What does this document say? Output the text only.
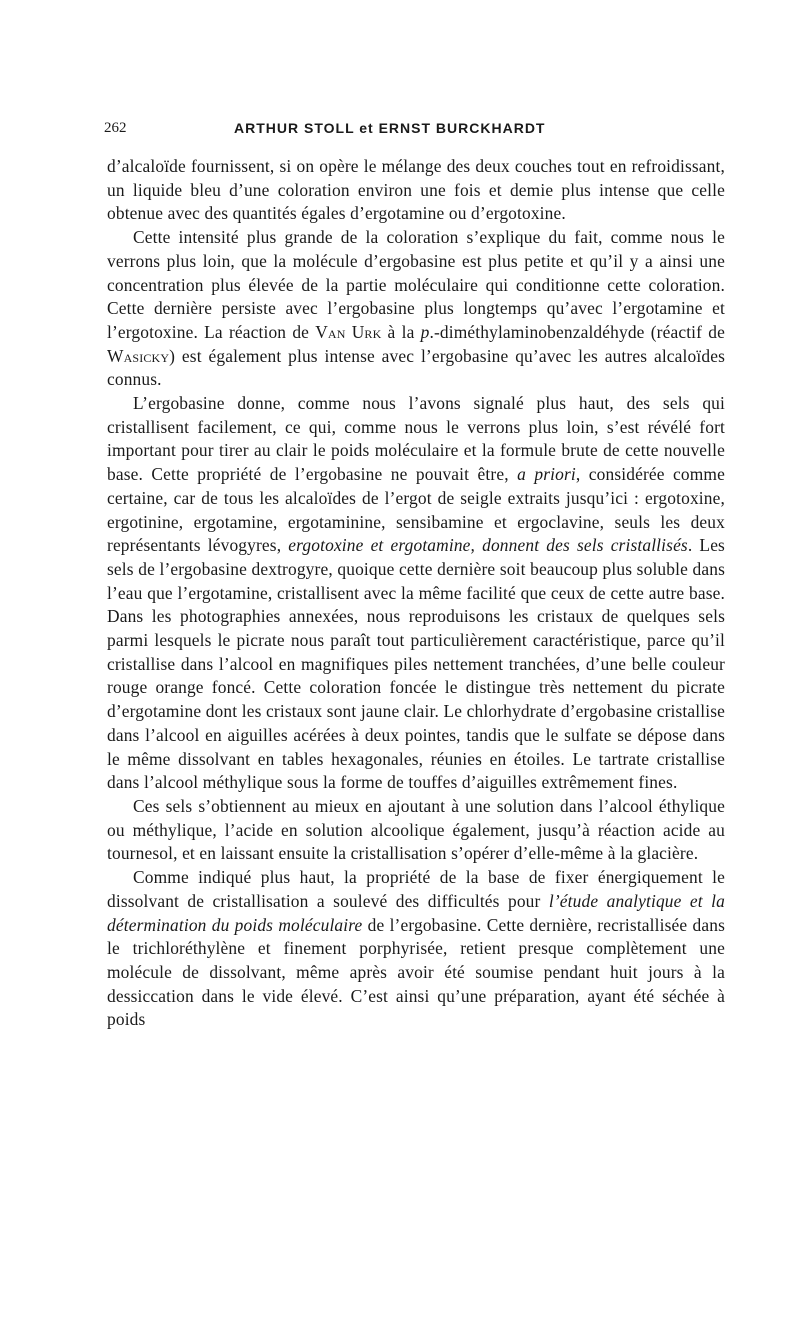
262	ARTHUR STOLL et ERNST BURCKHARDT

d’alcaloïde fournissent, si on opère le mélange des deux couches tout en refroidissant, un liquide bleu d’une coloration environ une fois et demie plus intense que celle obtenue avec des quantités égales d’ergotamine ou d’ergotoxine.

Cette intensité plus grande de la coloration s’explique du fait, comme nous le verrons plus loin, que la molécule d’ergobasine est plus petite et qu’il y a ainsi une concentration plus élevée de la partie moléculaire qui conditionne cette coloration. Cette dernière persiste avec l’ergobasine plus longtemps qu’avec l’ergotamine et l’ergotoxine. La réaction de Van Urk à la p.-diméthylaminobenzaldéhyde (réactif de Wasicky) est également plus intense avec l’ergobasine qu’avec les autres alcaloïdes connus.

L’ergobasine donne, comme nous l’avons signalé plus haut, des sels qui cristallisent facilement, ce qui, comme nous le verrons plus loin, s’est révélé fort important pour tirer au clair le poids moléculaire et la formule brute de cette nouvelle base. Cette propriété de l’ergobasine ne pouvait être, a priori, considérée comme certaine, car de tous les alcaloïdes de l’ergot de seigle extraits jusqu’ici : ergotoxine, ergotinine, ergotamine, ergotaminine, sensibamine et ergoclavine, seuls les deux représentants lévogyres, ergotoxine et ergotamine, donnent des sels cristallisés. Les sels de l’ergobasine dextrogyre, quoique cette dernière soit beaucoup plus soluble dans l’eau que l’ergotamine, cristallisent avec la même facilité que ceux de cette autre base. Dans les photographies annexées, nous reproduisons les cristaux de quelques sels parmi lesquels le picrate nous paraît tout particulièrement caractéristique, parce qu’il cristallise dans l’alcool en magnifiques piles nettement tranchées, d’une belle couleur rouge orange foncé. Cette coloration foncée le distingue très nettement du picrate d’ergotamine dont les cristaux sont jaune clair. Le chlorhydrate d’ergobasine cristallise dans l’alcool en aiguilles acérées à deux pointes, tandis que le sulfate se dépose dans le même dissolvant en tables hexagonales, réunies en étoiles. Le tartrate cristallise dans l’alcool méthylique sous la forme de touffes d’aiguilles extrêmement fines.

Ces sels s’obtiennent au mieux en ajoutant à une solution dans l’alcool éthylique ou méthylique, l’acide en solution alcoolique également, jusqu’à réaction acide au tournesol, et en laissant ensuite la cristallisation s’opérer d’elle-même à la glacière.

Comme indiqué plus haut, la propriété de la base de fixer énergiquement le dissolvant de cristallisation a soulevé des difficultés pour l’étude analytique et la détermination du poids moléculaire de l’ergobasine. Cette dernière, recristallisée dans le trichloréthylène et finement porphyrisée, retient presque complètement une molécule de dissolvant, même après avoir été soumise pendant huit jours à la dessiccation dans le vide élevé. C’est ainsi qu’une préparation, ayant été séchée à poids
